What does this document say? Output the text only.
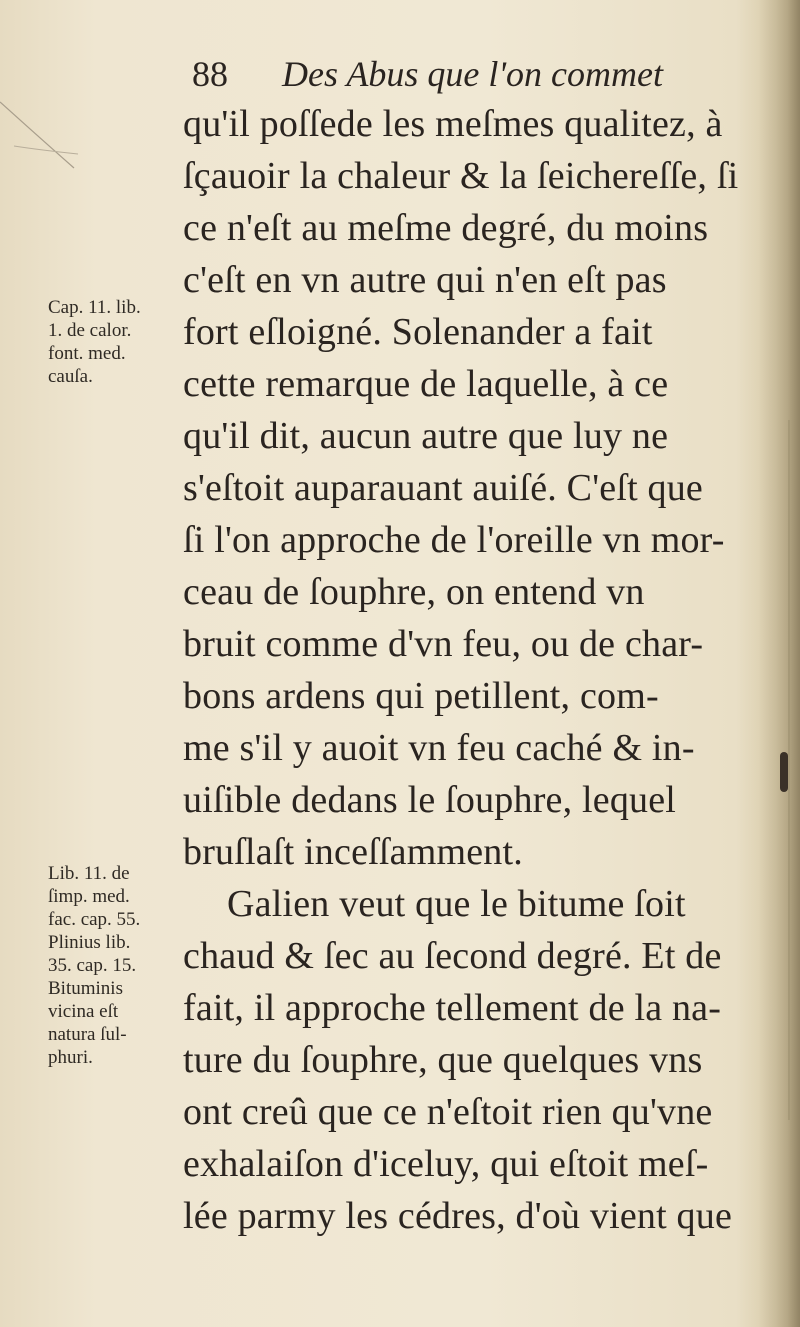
88 Des Abus que l'on commet
qu'il poſſede les meſmes qualitez, à
ſçauoir la chaleur & la ſeichereſſe, ſi
ce n'eſt au meſme degré, du moins
c'eſt en vn autre qui n'en eſt pas
fort eſloigné. Solenander a fait
cette remarque de laquelle, à ce
qu'il dit, aucun autre que luy ne
s'eſtoit auparauant auiſé. C'eſt que
ſi l'on approche de l'oreille vn mor-
ceau de ſouphre, on entend vn
bruit comme d'vn feu, ou de char-
bons ardens qui petillent, com-
me s'il y auoit vn feu caché & in-
uiſible dedans le ſouphre, lequel
bruſlaſt inceſſamment.
Galien veut que le bitume ſoit
chaud & ſec au ſecond degré. Et de
fait, il approche tellement de la na-
ture du ſouphre, que quelques vns
ont creû que ce n'eſtoit rien qu'vne
exhalaiſon d'iceluy, qui eſtoit meſ-
lée parmy les cédres, d'où vient que
Cap. 11. lib.
1. de calor.
font. med.
cauſa.
Lib. 11. de
ſimp. med.
fac. cap. 55.
Plinius lib.
35. cap. 15.
Bituminis
vicina eſt
natura ſul-
phuri.
